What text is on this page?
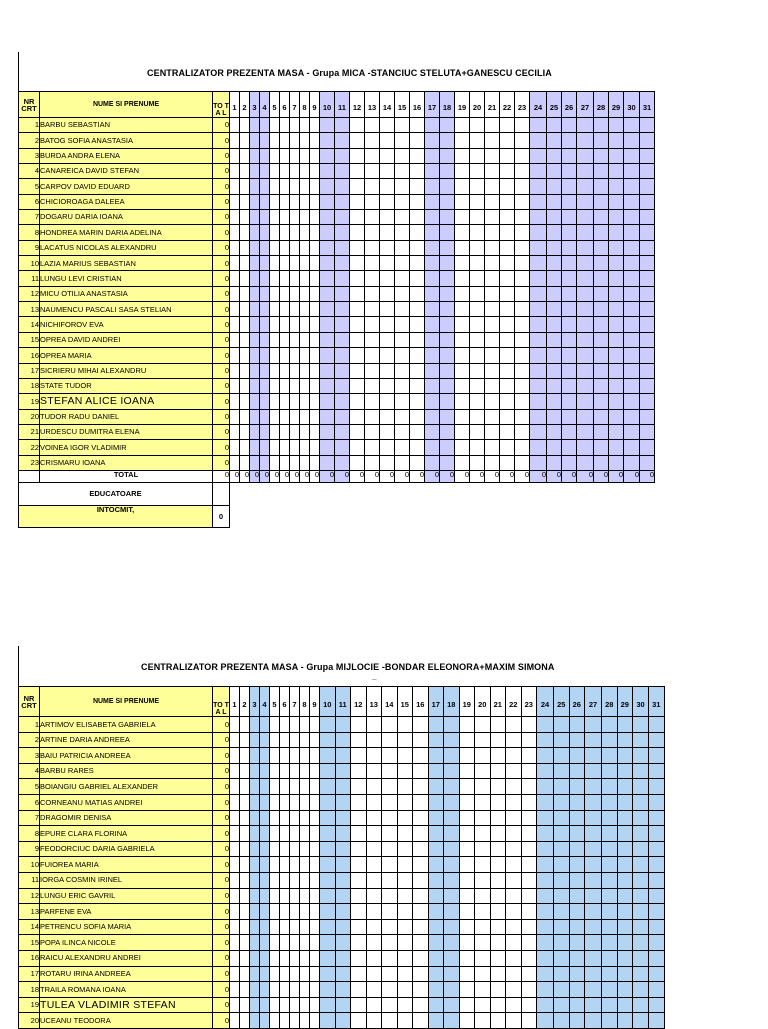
CENTRALIZATOR PREZENTA MASA - Grupa MICA -STANCIUC STELUTA+GANESCU CECILIA
NR CRT	NUME SI PRENUME	TO TA L	1	2	3	4	5	6	7	8	9	10	11	12	13	14	15	16	17	18	19	20	21	22	23	24	25	26	27	28	29	30	31
1	BARBU SEBASTIAN	0																															
2	BATOG SOFIA ANASTASIA	0																															
3	BURDA ANDRA ELENA	0																															
4	CANAREICA DAVID STEFAN	0																															
5	CARPOV DAVID EDUARD	0																															
6	CHICIOROAGA DALEEA	0																															
7	DOGARU DARIA IOANA	0																															
8	HONDREA MARIN DARIA ADELINA	0																															
9	LACATUS NICOLAS ALEXANDRU	0																															
10	LAZIA MARIUS SEBASTIAN	0																															
11	LUNGU LEVI CRISTIAN	0																															
12	MICU OTILIA ANASTASIA	0																															
13	NAUMENCU PASCALI SASA STELIAN	0																															
14	NICHIFOROV EVA	0																															
15	OPREA DAVID ANDREI	0																															
16	OPREA MARIA	0																															
17	SICRIERU MIHAI ALEXANDRU	0																															
18	STATE TUDOR	0																															
19	STEFAN ALICE IOANA	0																															
20	TUDOR RADU DANIEL	0																															
21	URDESCU DUMITRA ELENA	0																															
22	VOINEA IGOR VLADIMIR	0																															
23	CRISMARU IOANA	0																															
	TOTAL	0	0	0	0	0	0	0	0	0	0	0	0	0	0	0	0	0	0	0	0	0	0	0	0	0	0	0	0	0	0	0	0
EDUCATOARE																																	
INTOCMIT,		0																															
CENTRALIZATOR PREZENTA MASA - Grupa MIJLOCIE -BONDAR ELEONORA+MAXIM SIMONA
_
NR CRT	NUME SI PRENUME	TO TA L	1	2	3	4	5	6	7	8	9	10	11	12	13	14	15	16	17	18	19	20	21	22	23	24	25	26	27	28	29	30	31
1	ARTIMOV ELISABETA GABRIELA	0																															
2	ARTINE DARIA ANDREEA	0																															
3	BAIU PATRICIA ANDREEA	0																															
4	BARBU RARES	0																															
5	BOIANGIU GABRIEL ALEXANDER	0																															
6	CORNEANU MATIAS ANDREI	0																															
7	DRAGOMIR DENISA	0																															
8	EPURE CLARA FLORINA	0																															
9	FEODORCIUC DARIA GABRIELA	0																															
10	FUIOREA MARIA	0																															
11	IORGA COSMIN IRINEL	0																															
12	LUNGU ERIC GAVRIL	0																															
13	PARFENE EVA	0																															
14	PETRENCU SOFIA MARIA	0																															
15	POPA ILINCA NICOLE	0																															
16	RAICU ALEXANDRU ANDREI	0																															
17	ROTARU IRINA ANDREEA	0																															
18	TRAILA ROMANA IOANA	0																															
19	TULEA VLADIMIR STEFAN	0																															
20	UCEANU TEODORA	0																															
